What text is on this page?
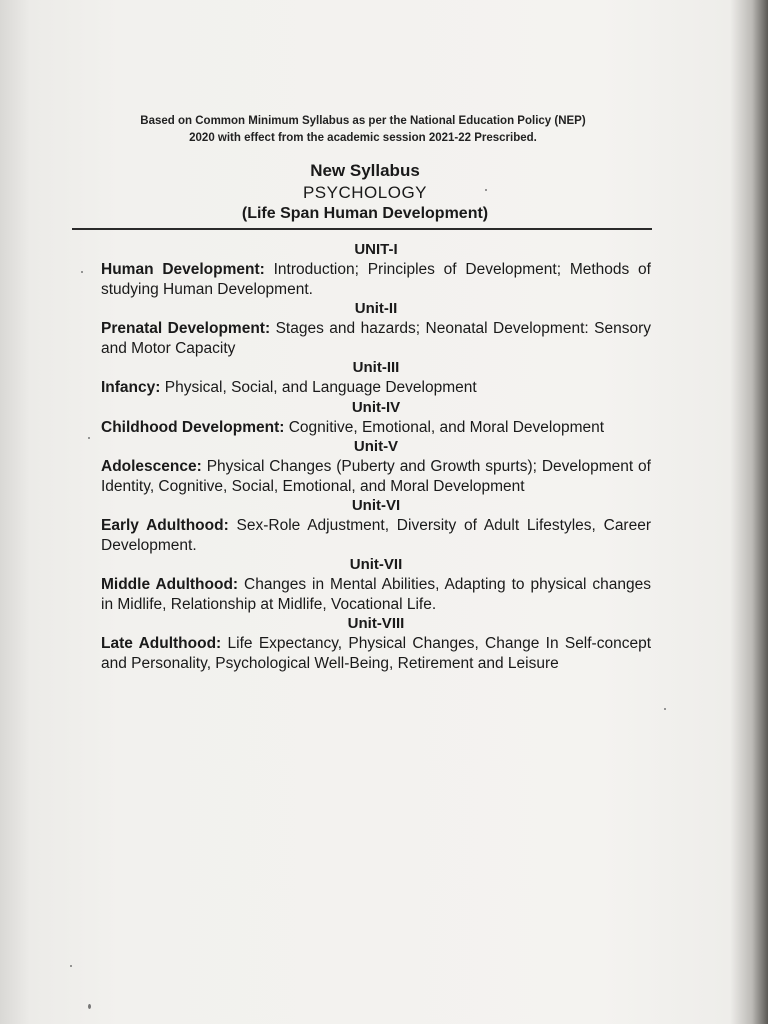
Based on Common Minimum Syllabus as per the National Education Policy (NEP)
2020 with effect from the academic session 2021-22 Prescribed.
New Syllabus
PSYCHOLOGY
(Life Span Human Development)
UNIT-I
Human Development: Introduction; Principles of Development; Methods of studying Human Development.
Unit-II
Prenatal Development: Stages and hazards; Neonatal Development: Sensory and Motor Capacity
Unit-III
Infancy: Physical, Social, and Language Development
Unit-IV
Childhood Development: Cognitive, Emotional, and Moral Development
Unit-V
Adolescence: Physical Changes (Puberty and Growth spurts); Development of Identity, Cognitive, Social, Emotional, and Moral Development
Unit-VI
Early Adulthood: Sex-Role Adjustment, Diversity of Adult Lifestyles, Career Development.
Unit-VII
Middle Adulthood: Changes in Mental Abilities, Adapting to physical changes in Midlife, Relationship at Midlife, Vocational Life.
Unit-VIII
Late Adulthood: Life Expectancy, Physical Changes, Change In Self-concept and Personality, Psychological Well-Being, Retirement and Leisure
